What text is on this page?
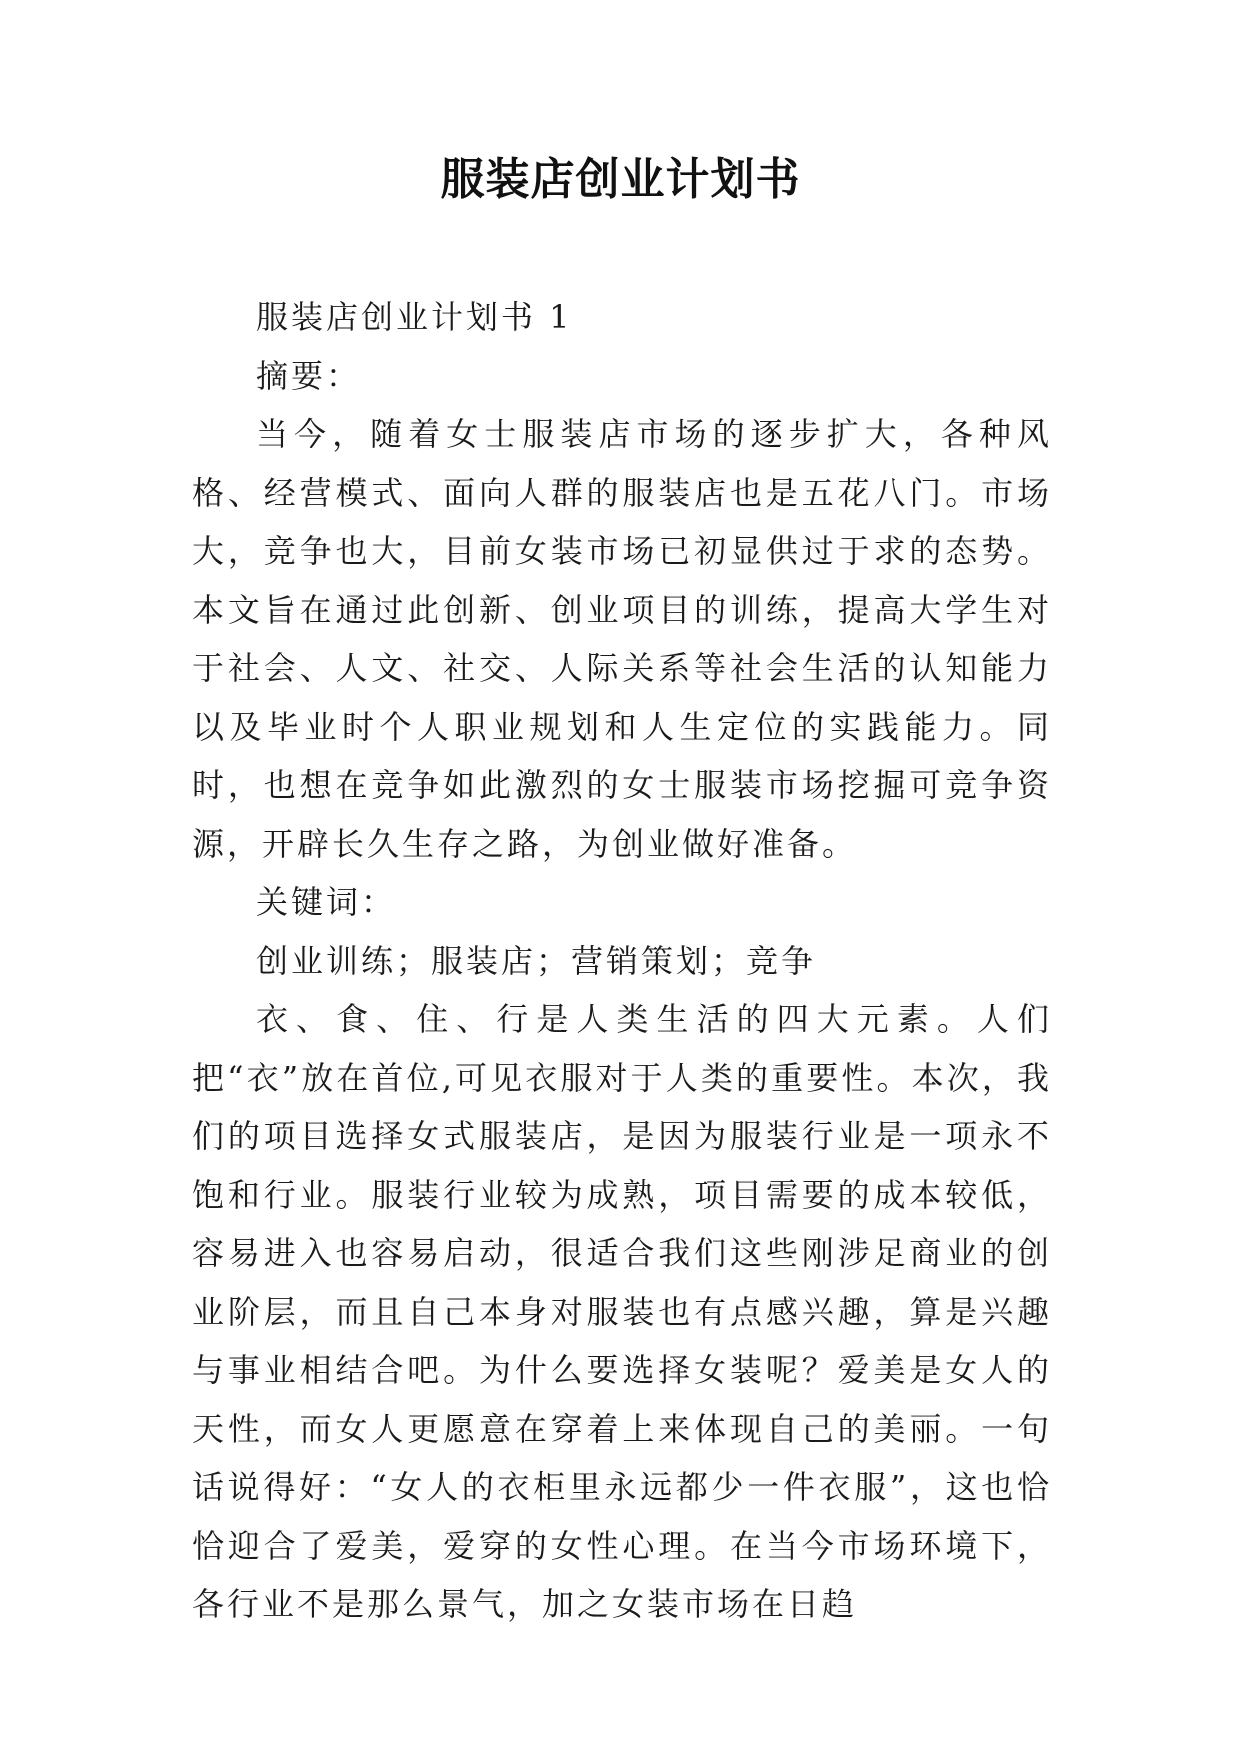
服装店创业计划书

服装店创业计划书 1

摘要：

当今，随着女士服装店市场的逐步扩大，各种风格、经营模式、面向人群的服装店也是五花八门。市场大，竞争也大，目前女装市场已初显供过于求的态势。本文旨在通过此创新、创业项目的训练，提高大学生对于社会、人文、社交、人际关系等社会生活的认知能力以及毕业时个人职业规划和人生定位的实践能力。同时，也想在竞争如此激烈的女士服装市场挖掘可竞争资源，开辟长久生存之路，为创业做好准备。

关键词：

创业训练；服装店；营销策划；竞争

衣、食、住、行是人类生活的四大元素。人们把“衣”放在首位,可见衣服对于人类的重要性。本次，我们的项目选择女式服装店，是因为服装行业是一项永不饱和行业。服装行业较为成熟，项目需要的成本较低，容易进入也容易启动，很适合我们这些刚涉足商业的创业阶层，而且自己本身对服装也有点感兴趣，算是兴趣与事业相结合吧。为什么要选择女装呢？爱美是女人的天性，而女人更愿意在穿着上来体现自己的美丽。一句话说得好：“女人的衣柜里永远都少一件衣服”，这也恰恰迎合了爱美，爱穿的女性心理。在当今市场环境下，各行业不是那么景气，加之女装市场在日趋
